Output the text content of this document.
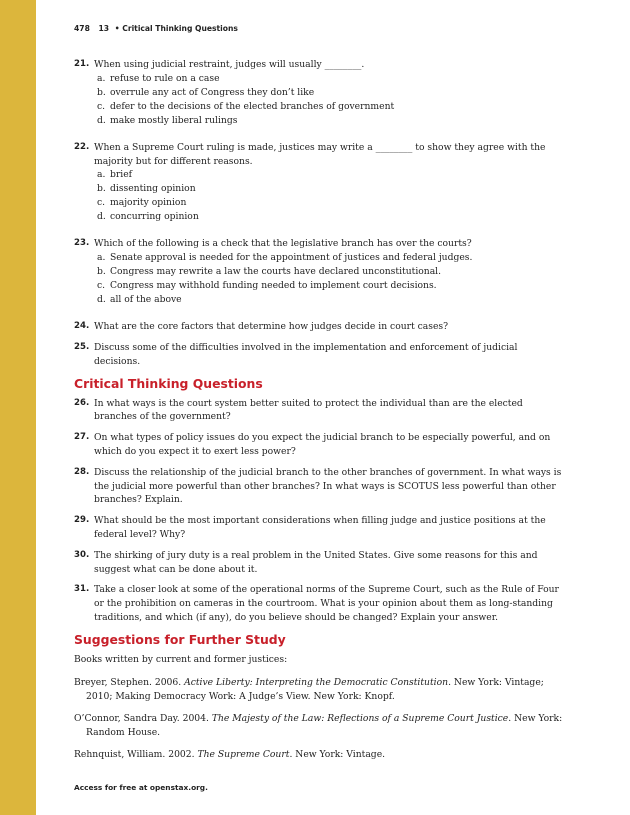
478 13 • Critical Thinking Questions
21. When using judicial restraint, judges will usually ________.
a. refuse to rule on a case
b. overrule any act of Congress they don’t like
c. defer to the decisions of the elected branches of government
d. make mostly liberal rulings
22. When a Supreme Court ruling is made, justices may write a ________ to show they agree with the majority but for different reasons.
a. brief
b. dissenting opinion
c. majority opinion
d. concurring opinion
23. Which of the following is a check that the legislative branch has over the courts?
a. Senate approval is needed for the appointment of justices and federal judges.
b. Congress may rewrite a law the courts have declared unconstitutional.
c. Congress may withhold funding needed to implement court decisions.
d. all of the above
24. What are the core factors that determine how judges decide in court cases?
25. Discuss some of the difficulties involved in the implementation and enforcement of judicial decisions.
Critical Thinking Questions
26. In what ways is the court system better suited to protect the individual than are the elected branches of the government?
27. On what types of policy issues do you expect the judicial branch to be especially powerful, and on which do you expect it to exert less power?
28. Discuss the relationship of the judicial branch to the other branches of government. In what ways is the judicial more powerful than other branches? In what ways is SCOTUS less powerful than other branches? Explain.
29. What should be the most important considerations when filling judge and justice positions at the federal level? Why?
30. The shirking of jury duty is a real problem in the United States. Give some reasons for this and suggest what can be done about it.
31. Take a closer look at some of the operational norms of the Supreme Court, such as the Rule of Four or the prohibition on cameras in the courtroom. What is your opinion about them as long-standing traditions, and which (if any), do you believe should be changed? Explain your answer.
Suggestions for Further Study
Books written by current and former justices:
Breyer, Stephen. 2006. Active Liberty: Interpreting the Democratic Constitution. New York: Vintage; 2010; Making Democracy Work: A Judge’s View. New York: Knopf.
O’Connor, Sandra Day. 2004. The Majesty of the Law: Reflections of a Supreme Court Justice. New York: Random House.
Rehnquist, William. 2002. The Supreme Court. New York: Vintage.
Access for free at openstax.org.
